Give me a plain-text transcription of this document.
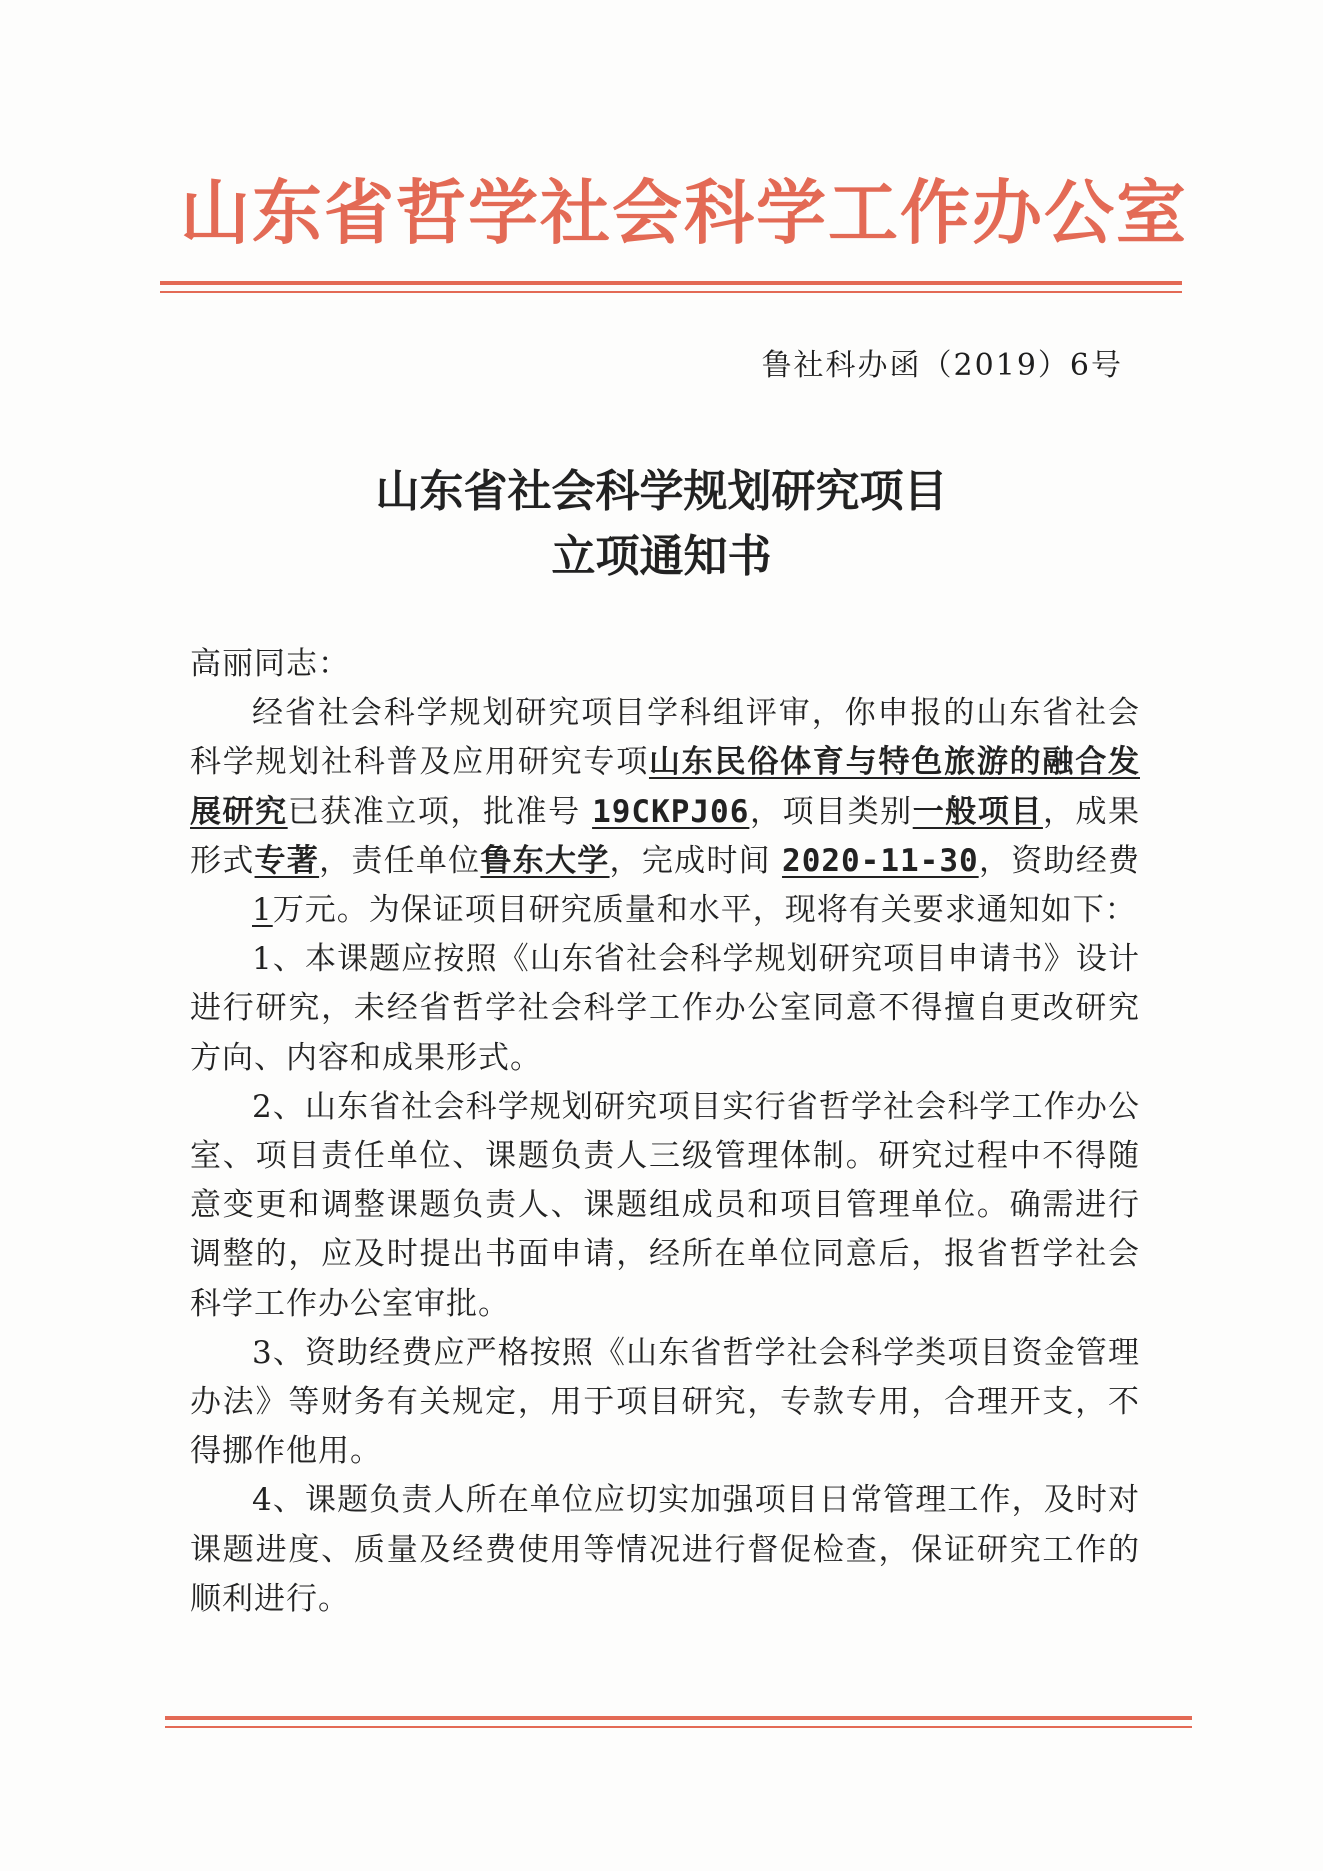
山东省哲学社会科学工作办公室
鲁社科办函（2019）6号
山东省社会科学规划研究项目
立项通知书

高丽同志：

经省社会科学规划研究项目学科组评审，你申报的山东省社会科学规划社科普及应用研究专项山东民俗体育与特色旅游的融合发展研究已获准立项，批准号 19CKPJ06，项目类别一般项目，成果形式专著，责任单位鲁东大学，完成时间 2020-11-30，资助经费1万元。为保证项目研究质量和水平，现将有关要求通知如下：

1、本课题应按照《山东省社会科学规划研究项目申请书》设计进行研究，未经省哲学社会科学工作办公室同意不得擅自更改研究方向、内容和成果形式。

2、山东省社会科学规划研究项目实行省哲学社会科学工作办公室、项目责任单位、课题负责人三级管理体制。研究过程中不得随意变更和调整课题负责人、课题组成员和项目管理单位。确需进行调整的，应及时提出书面申请，经所在单位同意后，报省哲学社会科学工作办公室审批。

3、资助经费应严格按照《山东省哲学社会科学类项目资金管理办法》等财务有关规定，用于项目研究，专款专用，合理开支，不得挪作他用。

4、课题负责人所在单位应切实加强项目日常管理工作，及时对课题进度、质量及经费使用等情况进行督促检查，保证研究工作的顺利进行。
